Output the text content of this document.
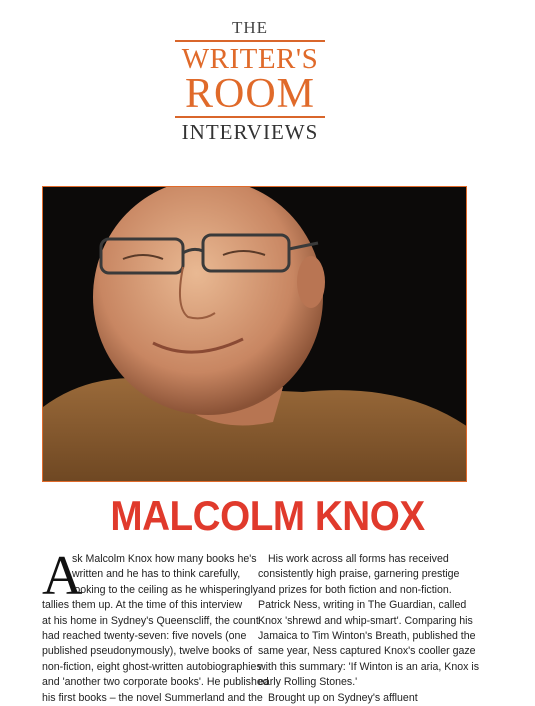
THE
WRITER'S
ROOM
INTERVIEWS
MALCOLM KNOX
A
sk Malcolm Knox how many books he's
written and he has to think carefully,
looking to the ceiling as he whisperingly
tallies them up. At the time of this interview
at his home in Sydney's Queenscliff, the count
had reached twenty-seven: five novels (one
published pseudonymously), twelve books of
non-fiction, eight ghost-written autobiographies
and 'another two corporate books'. He published
his first books – the novel Summerland and the
His work across all forms has received
consistently high praise, garnering prestige
and prizes for both fiction and non-fiction.
Patrick Ness, writing in The Guardian, called
Knox 'shrewd and whip-smart'. Comparing his
Jamaica to Tim Winton's Breath, published the
same year, Ness captured Knox's cooller gaze
with this summary: 'If Winton is an aria, Knox is
early Rolling Stones.'
Brought up on Sydney's affluent
